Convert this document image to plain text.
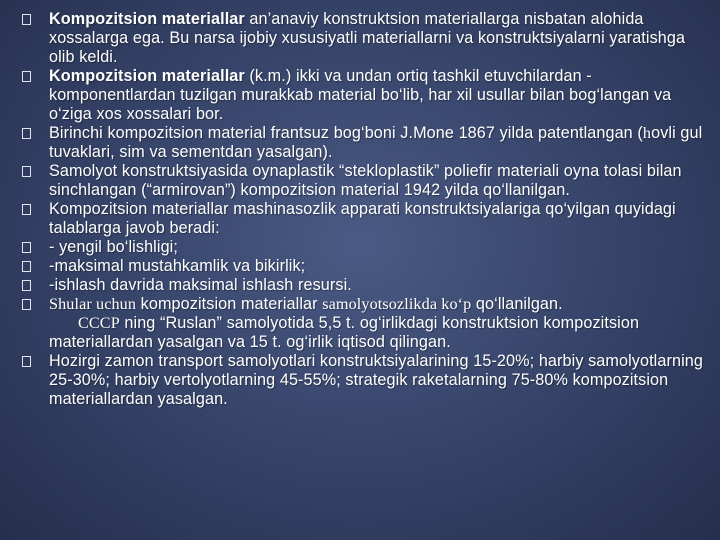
Kompozitsion materiallar an’anaviy konstruktsion materiallarga nisbatan alohida xossalarga ega. Bu narsa ijobiy xususiyatli materiallarni va konstruktsiyalarni yaratishga olib keldi.
Kompozitsion materiallar (k.m.) ikki va undan ortiq tashkil etuvchilardan -komponentlardan tuzilgan murakkab material bo‘lib, har xil usullar bilan bog‘langan va o‘ziga xos xossalari bor.
Birinchi kompozitsion material frantsuz bog‘boni J.Mone 1867 yilda patentlangan (hovli gul tuvaklari, sim va sementdan yasalgan).
Samolyot konstruktsiyasida oynaplastik “stekloplastik” poliefir materiali oyna tolasi bilan sinchlangan (“armirovan”) kompozitsion material 1942 yilda qo‘llanilgan.
Kompozitsion materiallar mashinasozlik apparati konstruktsiyalariga qo‘yilgan quyidagi talablarga javob beradi:
- yengil bo‘lishligi;
-maksimal mustahkamlik va bikirlik;
-ishlash davrida maksimal ishlash resursi.
Shular uchun kompozitsion materiallar samolyotsozlikda ko‘p qo‘llanilgan.
CCCP ning “Ruslan” samolyotida 5,5 t. og‘irlikdagi konstruktsion kompozitsion materiallardan yasalgan va 15 t. og‘irlik iqtisod qilingan.
Hozirgi zamon transport samolyotlari konstruktsiyalarining 15-20%; harbiy samolyotlarning 25-30%; harbiy vertolyotlarning 45-55%; strategik raketalarning 75-80% kompozitsion materiallardan yasalgan.
